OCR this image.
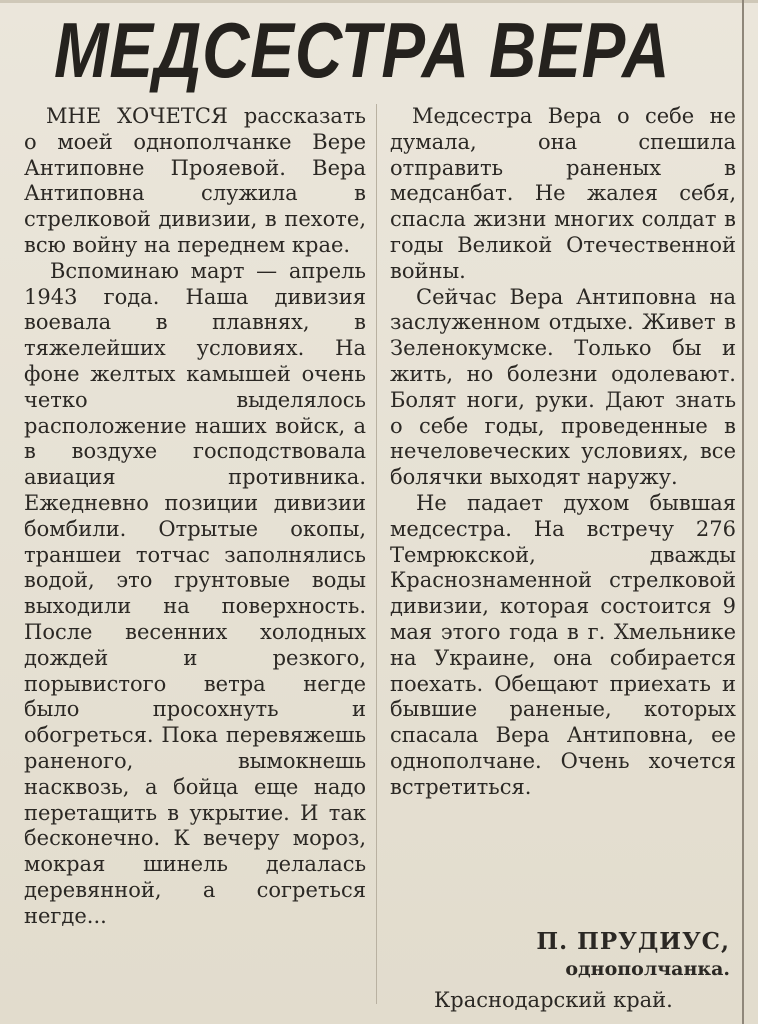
МЕДСЕСТРА ВЕРА

МНЕ ХОЧЕТСЯ рассказать о моей однополчанке Вере Антиповне Прояевой. Вера Антиповна служила в стрелковой дивизии, в пехоте, всю войну на переднем крае.

Вспоминаю март — апрель 1943 года. Наша дивизия воевала в плавнях, в тяжелейших условиях. На фоне желтых камышей очень четко выделялось расположение наших войск, а в воздухе господствовала авиация противника. Ежедневно позиции дивизии бомбили. Отрытые окопы, траншеи тотчас заполнялись водой, это грунтовые воды выходили на поверхность. После весенних холодных дождей и резкого, порывистого ветра негде было просохнуть и обогреться. Пока перевяжешь раненого, вымокнешь насквозь, а бойца еще надо перетащить в укрытие. И так бесконечно. К вечеру мороз, мокрая шинель делалась деревянной, а согреться негде...

Медсестра Вера о себе не думала, она спешила отправить раненых в медсанбат. Не жалея себя, спасла жизни многих солдат в годы Великой Отечественной войны.

Сейчас Вера Антиповна на заслуженном отдыхе. Живет в Зеленокумске. Только бы и жить, но болезни одолевают. Болят ноги, руки. Дают знать о себе годы, проведенные в нечеловеческих условиях, все болячки выходят наружу.

Не падает духом бывшая медсестра. На встречу 276 Темрюкской, дважды Краснознаменной стрелковой дивизии, которая состоится 9 мая этого года в г. Хмельнике на Украине, она собирается поехать. Обещают приехать и бывшие раненые, которых спасала Вера Антиповна, ее однополчане. Очень хочется встретиться.

П. ПРУДИУС,
однополчанка.
Краснодарский край.
